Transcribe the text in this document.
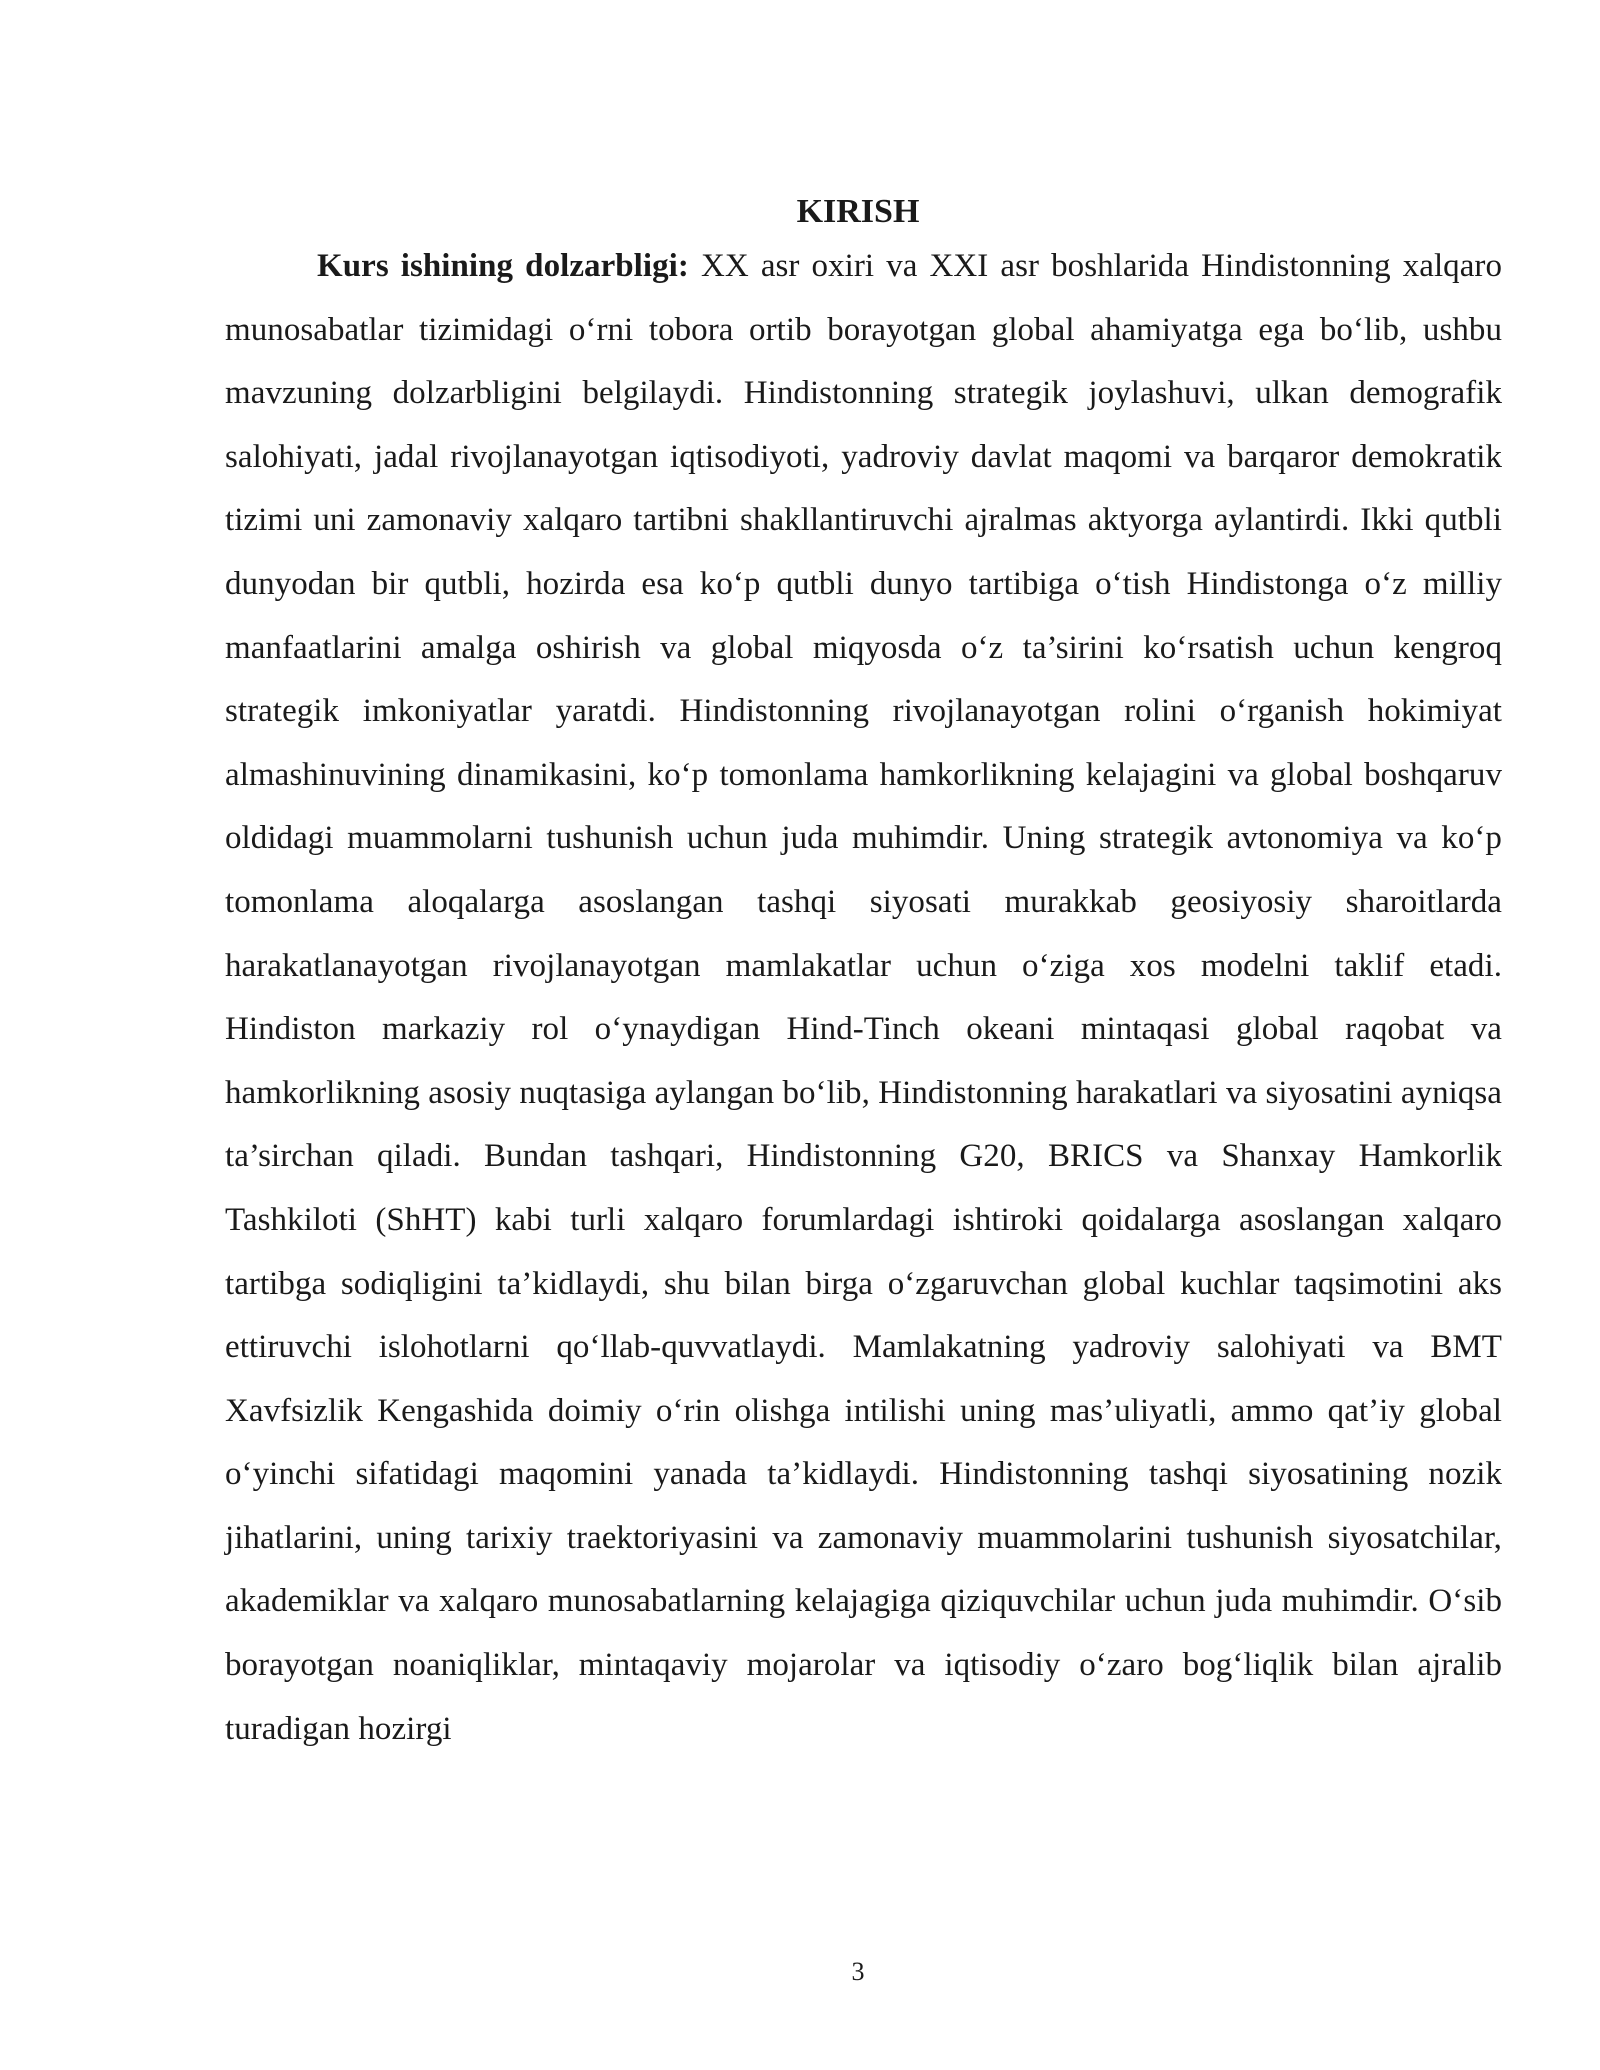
KIRISH

Kurs ishining dolzarbligi: XX asr oxiri va XXI asr boshlarida Hindistonning xalqaro munosabatlar tizimidagi o‘rni tobora ortib borayotgan global ahamiyatga ega bo‘lib, ushbu mavzuning dolzarbligini belgilaydi. Hindistonning strategik joylashuvi, ulkan demografik salohiyati, jadal rivojlanayotgan iqtisodiyoti, yadroviy davlat maqomi va barqaror demokratik tizimi uni zamonaviy xalqaro tartibni shakllantiruvchi ajralmas aktyorga aylantirdi. Ikki qutbli dunyodan bir qutbli, hozirda esa ko‘p qutbli dunyo tartibiga o‘tish Hindistonga o‘z milliy manfaatlarini amalga oshirish va global miqyosda o‘z ta’sirini ko‘rsatish uchun kengroq strategik imkoniyatlar yaratdi. Hindistonning rivojlanayotgan rolini o‘rganish hokimiyat almashinuvining dinamikasini, ko‘p tomonlama hamkorlikning kelajagini va global boshqaruv oldidagi muammolarni tushunish uchun juda muhimdir. Uning strategik avtonomiya va ko‘p tomonlama aloqalarga asoslangan tashqi siyosati murakkab geosiyosiy sharoitlarda harakatlanayotgan rivojlanayotgan mamlakatlar uchun o‘ziga xos modelni taklif etadi. Hindiston markaziy rol o‘ynaydigan Hind-Tinch okeani mintaqasi global raqobat va hamkorlikning asosiy nuqtasiga aylangan bo‘lib, Hindistonning harakatlari va siyosatini ayniqsa ta’sirchan qiladi. Bundan tashqari, Hindistonning G20, BRICS va Shanxay Hamkorlik Tashkiloti (ShHT) kabi turli xalqaro forumlardagi ishtiroki qoidalarga asoslangan xalqaro tartibga sodiqligini ta’kidlaydi, shu bilan birga o‘zgaruvchan global kuchlar taqsimotini aks ettiruvchi islohotlarni qo‘llab-quvvatlaydi. Mamlakatning yadroviy salohiyati va BMT Xavfsizlik Kengashida doimiy o‘rin olishga intilishi uning mas’uliyatli, ammo qat’iy global o‘yinchi sifatidagi maqomini yanada ta’kidlaydi. Hindistonning tashqi siyosatining nozik jihatlarini, uning tarixiy traektoriyasini va zamonaviy muammolarini tushunish siyosatchilar, akademiklar va xalqaro munosabatlarning kelajagiga qiziquvchilar uchun juda muhimdir. O‘sib borayotgan noaniqliklar, mintaqaviy mojarolar va iqtisodiy o‘zaro bog‘liqlik bilan ajralib turadigan hozirgi

3
